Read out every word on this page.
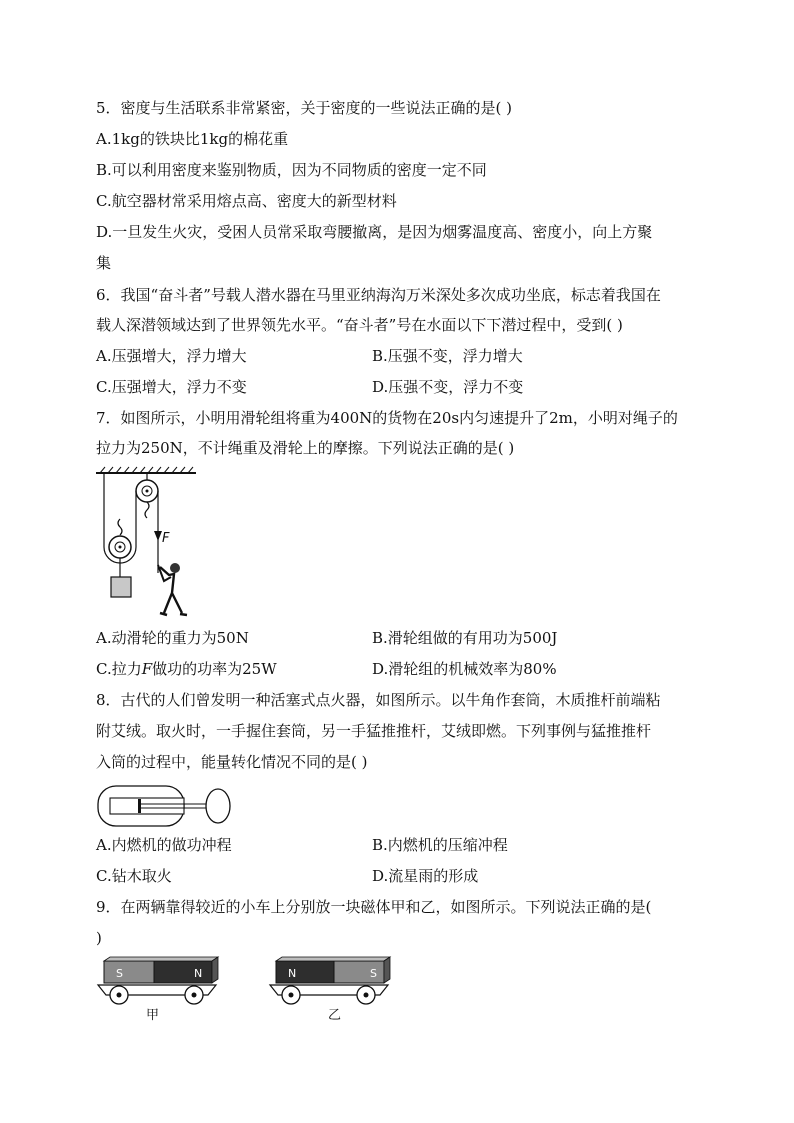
5．密度与生活联系非常紧密，关于密度的一些说法正确的是( )
A.1kg的铁块比1kg的棉花重
B.可以利用密度来鉴别物质，因为不同物质的密度一定不同
C.航空器材常采用熔点高、密度大的新型材料
D.一旦发生火灾，受困人员常采取弯腰撤离，是因为烟雾温度高、密度小，向上方聚
集
6．我国“奋斗者”号载人潜水器在马里亚纳海沟万米深处多次成功坐底，标志着我国在
载人深潜领域达到了世界领先水平。“奋斗者”号在水面以下下潜过程中，受到( )
A.压强增大，浮力增大	B.压强不变，浮力增大
C.压强增大，浮力不变	D.压强不变，浮力不变
7．如图所示，小明用滑轮组将重为400N的货物在20s内匀速提升了2m，小明对绳子的
拉力为250N，不计绳重及滑轮上的摩擦。下列说法正确的是( )
F
A.动滑轮的重力为50N	B.滑轮组做的有用功为500J
C.拉力F做功的功率为25W	D.滑轮组的机械效率为80%
8．古代的人们曾发明一种活塞式点火器，如图所示。以牛角作套筒，木质推杆前端粘
附艾绒。取火时，一手握住套筒，另一手猛推推杆，艾绒即燃。下列事例与猛推推杆
入筒的过程中，能量转化情况不同的是( )
A.内燃机的做功冲程	B.内燃机的压缩冲程
C.钻木取火	D.流星雨的形成
9．在两辆靠得较近的小车上分别放一块磁体甲和乙，如图所示。下列说法正确的是(
)
S	N
甲
N	S
乙
